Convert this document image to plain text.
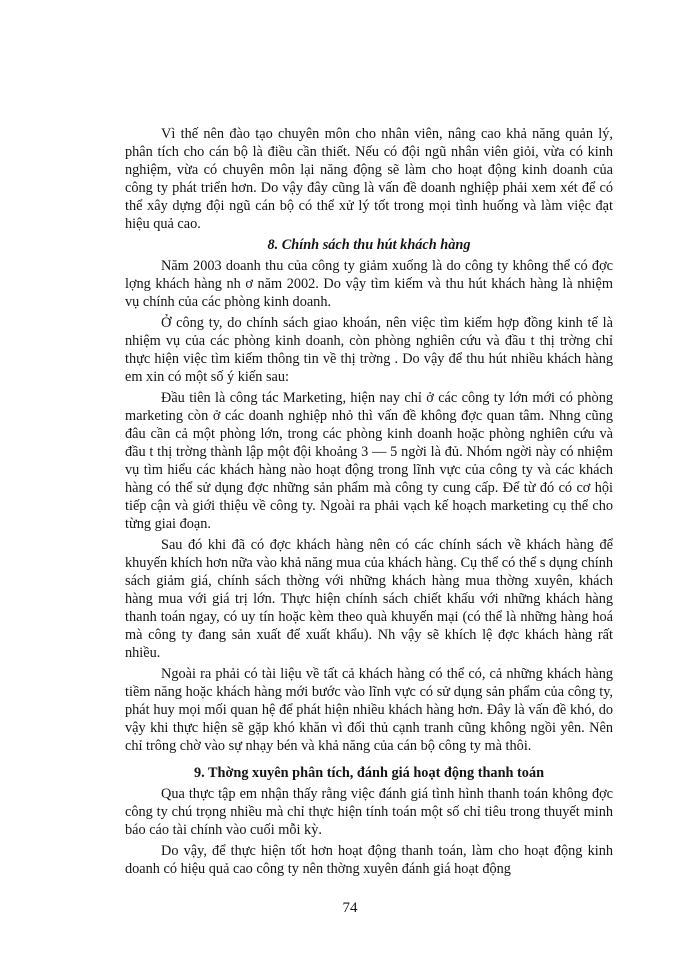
Vì thế nên đào tạo chuyên môn cho nhân viên, nâng cao khả năng quản lý, phân tích cho cán bộ là điều cần thiết. Nếu có đội ngũ nhân viên giỏi, vừa có kinh nghiệm, vừa có chuyên môn lại năng động sẽ làm cho hoạt động kinh doanh của công ty phát triển hơn. Do vậy đây cũng là vấn đề doanh nghiệp phải xem xét để có thể xây dựng đội ngũ cán bộ có thể xử lý tốt trong mọi tình huống và làm việc đạt hiệu quả cao.

8. Chính sách thu hút khách hàng

Năm 2003 doanh thu của công ty giảm xuống là do công ty không thể có đợc lợng khách hàng nh ơ năm 2002. Do vậy tìm kiếm và thu hút khách hàng là nhiệm vụ chính của các phòng kinh doanh.

Ở công ty, do chính sách giao khoán, nên việc tìm kiếm hợp đồng kinh tế là nhiệm vụ của các phòng kinh doanh, còn phòng nghiên cứu và đầu t thị trờng chỉ thực hiện việc tìm kiếm thông tin về thị trờng . Do vậy để thu hút nhiều khách hàng em xin có một số ý kiến sau:

Đầu tiên là công tác Marketing, hiện nay chỉ ở các công ty lớn mới có phòng marketing còn ở các doanh nghiệp nhỏ thì vấn đề không đợc quan tâm. Nhng cũng đâu cần cả một phòng lớn, trong các phòng kinh doanh hoặc phòng nghiên cứu và đầu t thị trờng thành lập một đội khoảng 3 — 5 ngời là đủ. Nhóm ngời này có nhiệm vụ tìm hiểu các khách hàng nào hoạt động trong lĩnh vực của công ty và các khách hàng có thể sử dụng đợc những sản phẩm mà công ty cung cấp. Để từ đó có cơ hội tiếp cận và giới thiệu về công ty. Ngoài ra phải vạch kế hoạch marketing cụ thể cho từng giai đoạn.

Sau đó khi đã có đợc khách hàng nên có các chính sách về khách hàng để khuyến khích hơn nữa vào khả năng mua của khách hàng. Cụ thể có thể s dụng chính sách giảm giá, chính sách thờng với những khách hàng mua thờng xuyên, khách hàng mua với giá trị lớn. Thực hiện chính sách chiết khấu với những khách hàng thanh toán ngay, có uy tín hoặc kèm theo quà khuyến mại (có thể là những hàng hoá mà công ty đang sản xuất để xuất khẩu). Nh vậy sẽ khích lệ đợc khách hàng rất nhiều.

Ngoài ra phải có tài liệu về tất cả khách hàng có thể có, cả những khách hàng tiềm năng hoặc khách hàng mới bước vào lĩnh vực có sử dụng sản phẩm của công ty, phát huy mọi mối quan hệ để phát hiện nhiều khách hàng hơn. Đây là vấn đề khó, do vậy khi thực hiện sẽ gặp khó khăn vì đối thủ cạnh tranh cũng không ngồi yên. Nên chỉ trông chờ vào sự nhạy bén và khả năng của cán bộ công ty mà thôi.

9. Thờng xuyên phân tích, đánh giá hoạt động thanh toán

Qua thực tập em nhận thấy rằng việc đánh giá tình hình thanh toán không đợc công ty chú trọng nhiều mà chỉ thực hiện tính toán một số chỉ tiêu trong thuyết minh báo cáo tài chính vào cuối mỗi kỳ.

Do vậy, để thực hiện tốt hơn hoạt động thanh toán, làm cho hoạt động kinh doanh có hiệu quả cao công ty nên thờng xuyên đánh giá hoạt động

74
